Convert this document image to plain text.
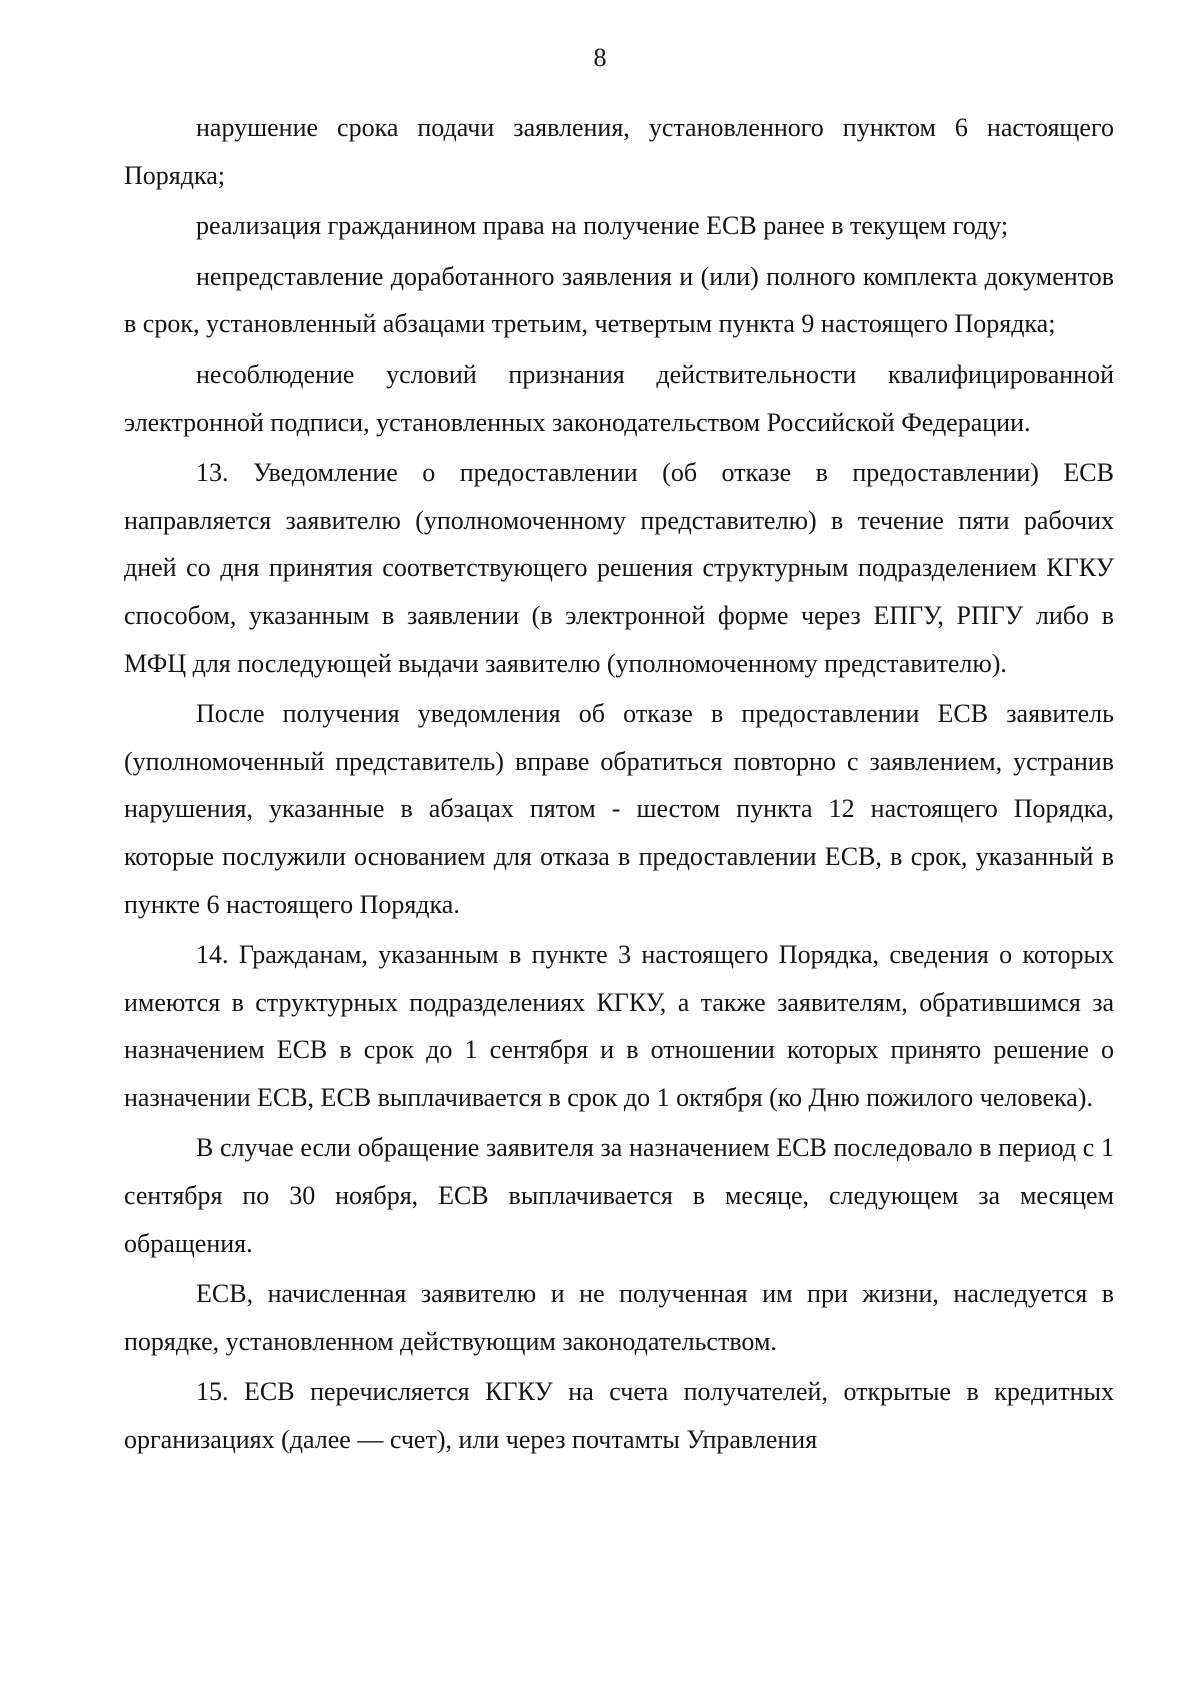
8

нарушение срока подачи заявления, установленного пунктом 6 настоящего Порядка;

реализация гражданином права на получение ЕСВ ранее в текущем году;

непредставление доработанного заявления и (или) полного комплекта документов в срок, установленный абзацами третьим, четвертым пункта 9 настоящего Порядка;

несоблюдение условий признания действительности квалифицированной электронной подписи, установленных законодательством Российской Федерации.

13. Уведомление о предоставлении (об отказе в предоставлении) ЕСВ направляется заявителю (уполномоченному представителю) в течение пяти рабочих дней со дня принятия соответствующего решения структурным подразделением КГКУ способом, указанным в заявлении (в электронной форме через ЕПГУ, РПГУ либо в МФЦ для последующей выдачи заявителю (уполномоченному представителю).

После получения уведомления об отказе в предоставлении ЕСВ заявитель (уполномоченный представитель) вправе обратиться повторно с заявлением, устранив нарушения, указанные в абзацах пятом - шестом пункта 12 настоящего Порядка, которые послужили основанием для отказа в предоставлении ЕСВ, в срок, указанный в пункте 6 настоящего Порядка.

14. Гражданам, указанным в пункте 3 настоящего Порядка, сведения о которых имеются в структурных подразделениях КГКУ, а также заявителям, обратившимся за назначением ЕСВ в срок до 1 сентября и в отношении которых принято решение о назначении ЕСВ, ЕСВ выплачивается в срок до 1 октября (ко Дню пожилого человека).

В случае если обращение заявителя за назначением ЕСВ последовало в период с 1 сентября по 30 ноября, ЕСВ выплачивается в месяце, следующем за месяцем обращения.

ЕСВ, начисленная заявителю и не полученная им при жизни, наследуется в порядке, установленном действующим законодательством.

15. ЕСВ перечисляется КГКУ на счета получателей, открытые в кредитных организациях (далее — счет), или через почтамты Управления
